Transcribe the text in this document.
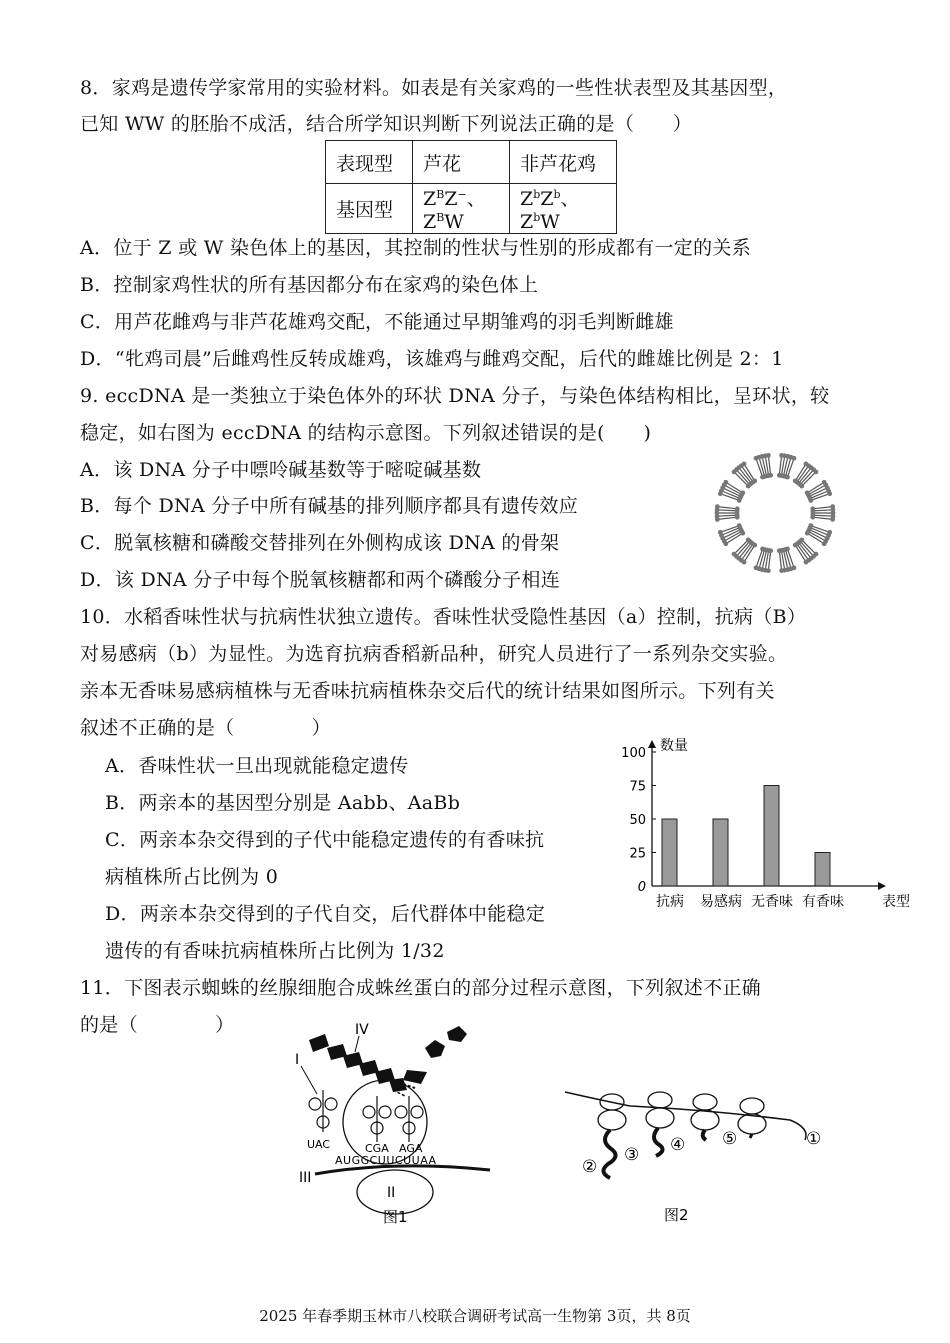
8．家鸡是遗传学家常用的实验材料。如表是有关家鸡的一些性状表型及其基因型，
已知 WW 的胚胎不成活，结合所学知识判断下列说法正确的是（　　）
表现型	芦花	非芦花鸡
基因型	$Z^BZ^-$、$Z^BW$	$Z^bZ^b$、$Z^bW$
A．位于 Z 或 W 染色体上的基因，其控制的性状与性别的形成都有一定的关系
B．控制家鸡性状的所有基因都分布在家鸡的染色体上
C．用芦花雌鸡与非芦花雄鸡交配，不能通过早期雏鸡的羽毛判断雌雄
D．“牝鸡司晨”后雌鸡性反转成雄鸡，该雄鸡与雌鸡交配，后代的雌雄比例是 2：1
9. eccDNA 是一类独立于染色体外的环状 DNA 分子，与染色体结构相比，呈环状，较
稳定，如右图为 eccDNA 的结构示意图。下列叙述错误的是(　　)
A．该 DNA 分子中嘌呤碱基数等于嘧啶碱基数
B．每个 DNA 分子中所有碱基的排列顺序都具有遗传效应
C．脱氧核糖和磷酸交替排列在外侧构成该 DNA 的骨架
D．该 DNA 分子中每个脱氧核糖都和两个磷酸分子相连
10．水稻香味性状与抗病性状独立遗传。香味性状受隐性基因（a）控制，抗病（B）
对易感病（b）为显性。为选育抗病香稻新品种，研究人员进行了一系列杂交实验。
亲本无香味易感病植株与无香味抗病植株杂交后代的统计结果如图所示。下列有关
叙述不正确的是（　　　　）
A．香味性状一旦出现就能稳定遗传
B．两亲本的基因型分别是 Aabb、AaBb
C．两亲本杂交得到的子代中能稳定遗传的有香味抗
病植株所占比例为 0
D．两亲本杂交得到的子代自交，后代群体中能稳定
遗传的有香味抗病植株所占比例为 1/32
数量
0
25
50
75
100
抗病 易感病 无香味 有香味	表型
11．下图表示蜘蛛的丝腺细胞合成蛛丝蛋白的部分过程示意图，下列叙述不正确
的是（　　　　）	IV
II
I
UAC	CGA AGA
AUGGCUUCUUAA
III
图1
②
③ ④ ⑤	①
图2
2025 年春季期玉林市八校联合调研考试高一生物第 3页，共 8页
